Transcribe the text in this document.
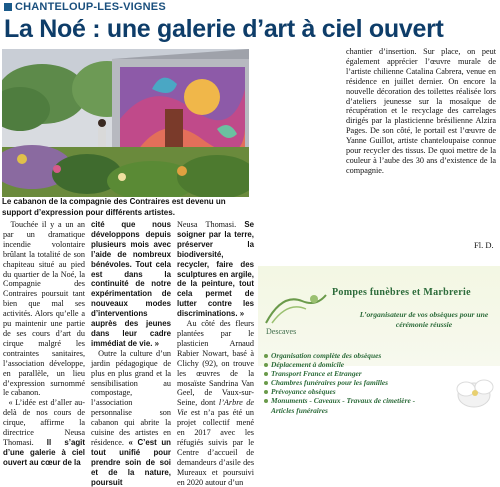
CHANTELOUP-LES-VIGNES
La Noé : une galerie d’art à ciel ouvert
Le cabanon de la compagnie des Contraires est devenu un support d’expression pour différents artistes.

Touchée il y a un an par un dramatique incendie volontaire brûlant la totalité de son chapiteau situé au pied du quartier de la Noé, la Compagnie des Contraires poursuit tant bien que mal ses activités. Alors qu’elle a pu maintenir une partie de ses cours d’art du cirque malgré les contraintes sanitaires, l’association développe, en parallèle, un lieu d’expression surnommé le cabanon.

« L’idée est d’aller au-delà de nos cours de cirque, affirme la directrice Neusa Thomasi. Il s’agit d’une galerie à ciel ouvert au cœur de la

cité que nous développons depuis plusieurs mois avec l’aide de nombreux bénévoles. Tout cela est dans la continuité de notre expérimentation de nouveaux modes d’interventions auprès des jeunes dans leur cadre immédiat de vie. »

Outre la culture d’un jardin pédagogique de plus en plus grand et la sensibilisation au compostage, l’association personnalise son cabanon qui abrite la cuisine des artistes en résidence. « C’est un tout unifié pour prendre soin de soi et de la nature, poursuit

Neusa Thomasi. Se soigner par la terre, préserver la biodiversité, recycler, faire des sculptures en argile, de la peinture, tout cela permet de lutter contre les discriminations. »

Au côté des fleurs plantées par le plasticien Arnaud Rabier Nowart, basé à Clichy (92), on trouve les œuvres de la mosaïste Sandrina Van Geel, de Vaux-sur-Seine, dont l’Arbre de Vie est n’a pas été un projet collectif mené en 2017 avec les réfugiés suivis par le Centre d’accueil de demandeurs d’asile des Mureaux et poursuivi en 2020 autour d’un

chantier d’insertion. Sur place, on peut également apprécier l’œuvre murale de l’artiste chilienne Catalina Cabrera, venue en résidence en juillet dernier. On encore la nouvelle décoration des toilettes réalisée lors d’ateliers jeunesse sur la mosaïque de récupération et le recyclage des carrelages dirigés par la plasticienne brésilienne Alzira Pages. De son côté, le portail est l’œuvre de Yanne Guillot, artiste chanteloupaise connue pour recycler des tissus. De quoi mettre de la couleur à l’aube des 30 ans d’existence de la compagnie.

Fl. D.
Pompes funèbres et Marbrerie
Descaves
L’organisateur de vos obsèques pour une cérémonie réussie
Organisation complète des obsèques
Déplacement à domicile
Transport France et Etranger
Chambres funéraires pour les familles
Prévoyance obsèques
Monuments - Caveaux - Travaux de cimetière -
Articles funéraires
